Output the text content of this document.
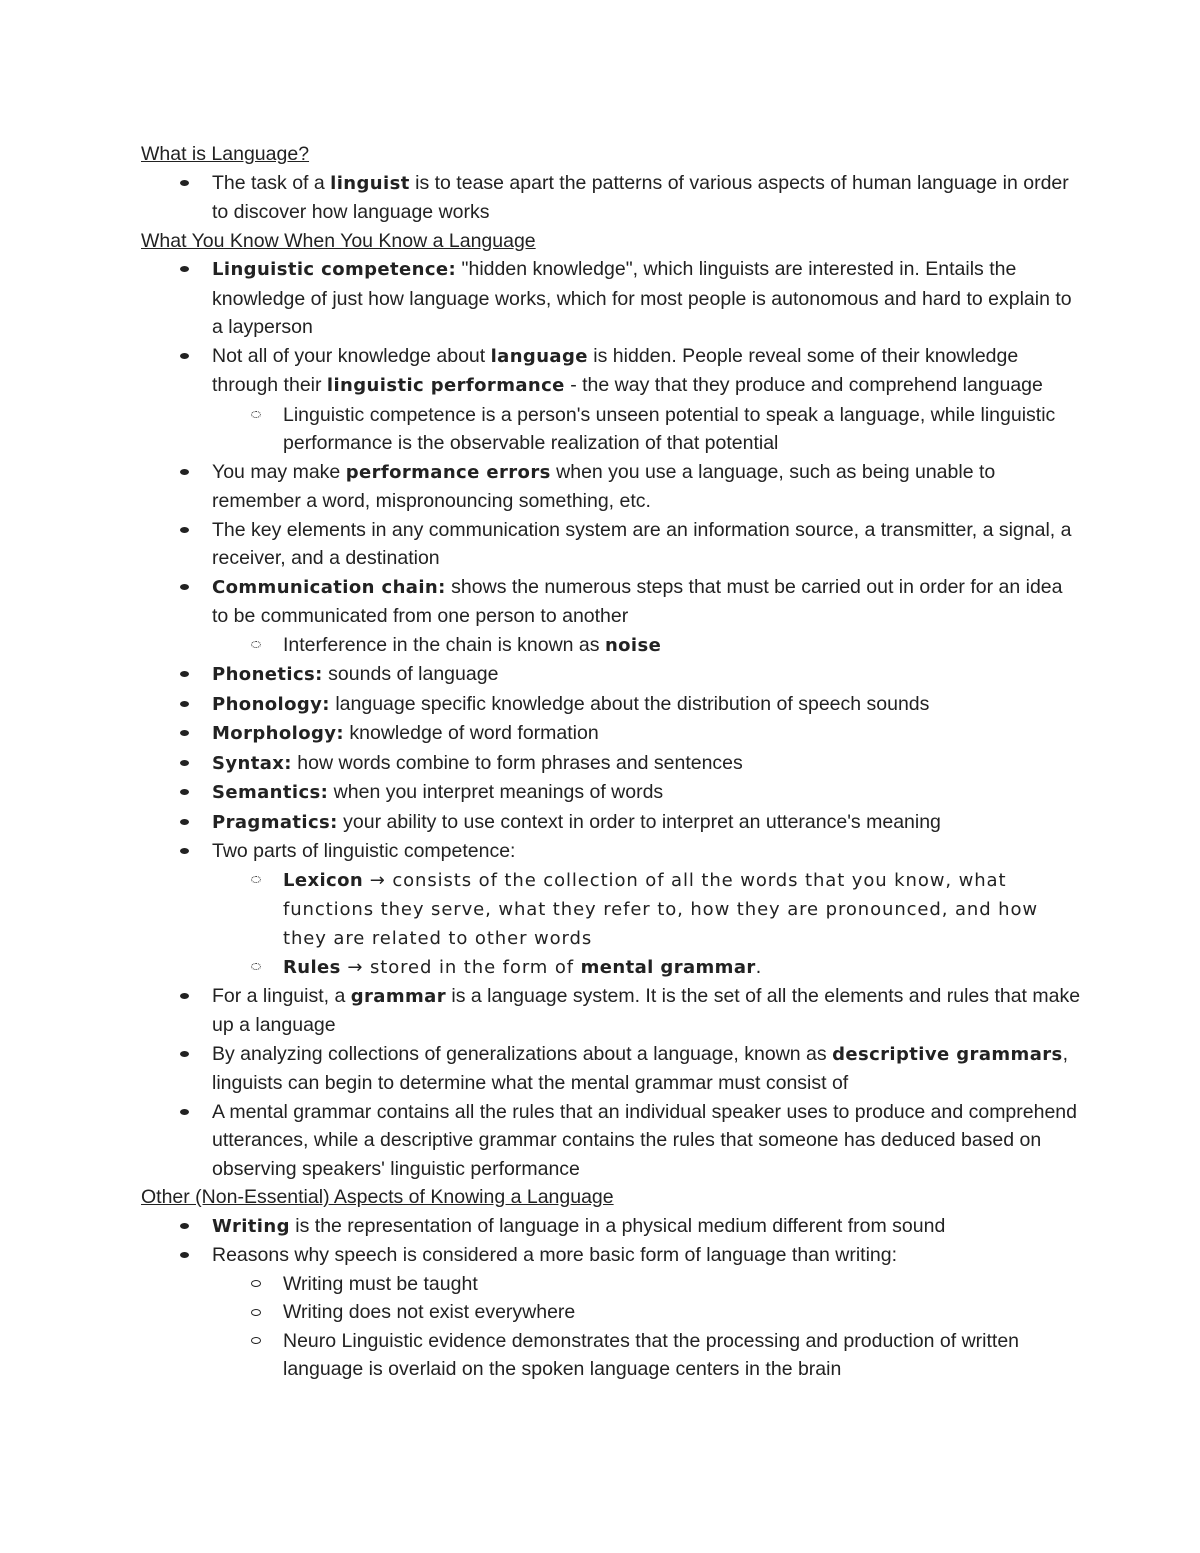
What is Language?
The task of a linguist is to tease apart the patterns of various aspects of human language in order to discover how language works
What You Know When You Know a Language
Linguistic competence: "hidden knowledge", which linguists are interested in. Entails the knowledge of just how language works, which for most people is autonomous and hard to explain to a layperson
Not all of your knowledge about language is hidden. People reveal some of their knowledge through their linguistic performance - the way that they produce and comprehend language
Linguistic competence is a person's unseen potential to speak a language, while linguistic performance is the observable realization of that potential
You may make performance errors when you use a language, such as being unable to remember a word, mispronouncing something, etc.
The key elements in any communication system are an information source, a transmitter, a signal, a receiver, and a destination
Communication chain: shows the numerous steps that must be carried out in order for an idea to be communicated from one person to another
Interference in the chain is known as noise
Phonetics: sounds of language
Phonology: language specific knowledge about the distribution of speech sounds
Morphology: knowledge of word formation
Syntax: how words combine to form phrases and sentences
Semantics: when you interpret meanings of words
Pragmatics: your ability to use context in order to interpret an utterance's meaning
Two parts of linguistic competence:
Lexicon → consists of the collection of all the words that you know, what functions they serve, what they refer to, how they are pronounced, and how they are related to other words
Rules → stored in the form of mental grammar.
For a linguist, a grammar is a language system. It is the set of all the elements and rules that make up a language
By analyzing collections of generalizations about a language, known as descriptive grammars, linguists can begin to determine what the mental grammar must consist of
A mental grammar contains all the rules that an individual speaker uses to produce and comprehend utterances, while a descriptive grammar contains the rules that someone has deduced based on observing speakers' linguistic performance
Other (Non-Essential) Aspects of Knowing a Language
Writing is the representation of language in a physical medium different from sound
Reasons why speech is considered a more basic form of language than writing:
Writing must be taught
Writing does not exist everywhere
Neuro Linguistic evidence demonstrates that the processing and production of written language is overlaid on the spoken language centers in the brain
